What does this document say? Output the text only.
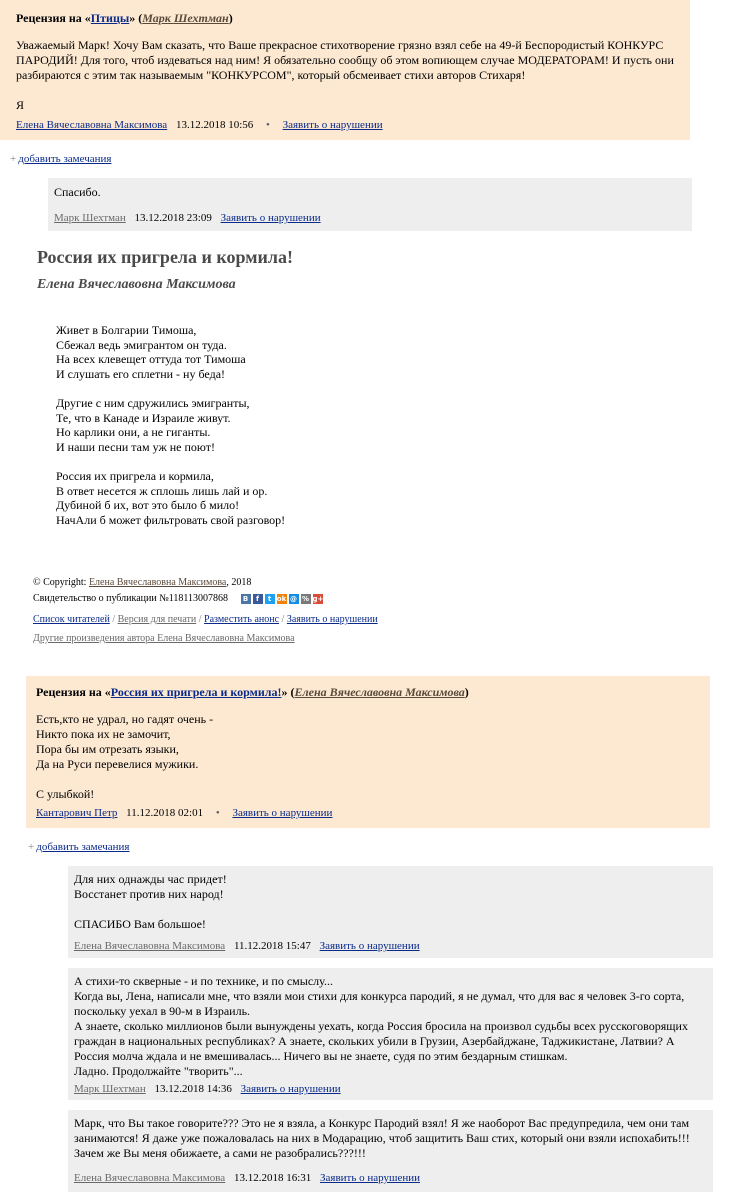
Рецензия на «Птицы» (Марк Шехтман)
Уважаемый Марк! Хочу Вам сказать, что Ваше прекрасное стихотворение грязно взял себе на 49-й Беспородистый КОНКУРС ПАРОДИЙ! Для того, чтоб издеваться над ним! Я обязательно сообщу об этом вопиющем случае МОДЕРАТОРАМ! И пусть они разбираются с этим так называемым "КОНКУРСОМ", который обсмеивает стихи авторов Стихаря!

Я
Елена Вячеславовна Максимова 13.12.2018 10:56 • Заявить о нарушении
+ добавить замечания
Спасибо.
Марк Шехтман 13.12.2018 23:09 Заявить о нарушении
Россия их пригрела и кормила!
Елена Вячеславовна Максимова
Живет в Болгарии Тимоша,
Сбежал ведь эмигрантом он туда.
На всех клевещет оттуда тот Тимоша
И слушать его сплетни - ну беда!

Другие с ним сдружились эмигранты,
Те, что в Канаде и Израиле живут.
Но карлики они, а не гиганты.
И наши песни там уж не поют!

Россия их пригрела и кормила,
В ответ несется ж сплошь лишь лай и ор.
Дубиной б их, вот это было б мило!
НачАли б может фильтровать свой разговор!
© Copyright: Елена Вячеславовна Максимова, 2018
Свидетельство о публикации №118113007868	В	f	t ok @ % g+
Список читателей / Версия для печати / Разместить анонс / Заявить о нарушении
Другие произведения автора Елена Вячеславовна Максимова
Рецензия на «Россия их пригрела и кормила!» (Елена Вячеславовна Максимова)
Есть,кто не удрал, но гадят очень -
Никто пока их не замочит,
Пора бы им отрезать языки,
Да на Руси перевелися мужики.

С улыбкой!
Кантарович Петр 11.12.2018 02:01 • Заявить о нарушении
+ добавить замечания
Для них однажды час придет!
Восстанет против них народ!

СПАСИБО Вам большое!
Елена Вячеславовна Максимова 11.12.2018 15:47 Заявить о нарушении
А стихи-то скверные - и по технике, и по смыслу...
Когда вы, Лена, написали мне, что взяли мои стихи для конкурса пародий, я не думал, что для вас я человек 3-го сорта, поскольку уехал в 90-м в Израиль.
А знаете, сколько миллионов были вынуждены уехать, когда Россия бросила на произвол судьбы всех русскоговорящих граждан в национальных республиках? А знаете, скольких убили в Грузии, Азербайджане, Таджикистане, Латвии? А Россия молча ждала и не вмешивалась... Ничего вы не знаете, судя по этим бездарным стишкам.
Ладно. Продолжайте "творить"...
Марк Шехтман 13.12.2018 14:36 Заявить о нарушении
Марк, что Вы такое говорите??? Это не я взяла, а Конкурс Пародий взял! Я же наоборот Вас предупредила, чем они там занимаются! Я даже уже пожаловалась на них в Модарацию, чтоб защитить Ваш стих, который они взяли испохабить!!! Зачем же Вы меня обижаете, а сами не разобрались???!!!
Елена Вячеславовна Максимова 13.12.2018 16:31 Заявить о нарушении
